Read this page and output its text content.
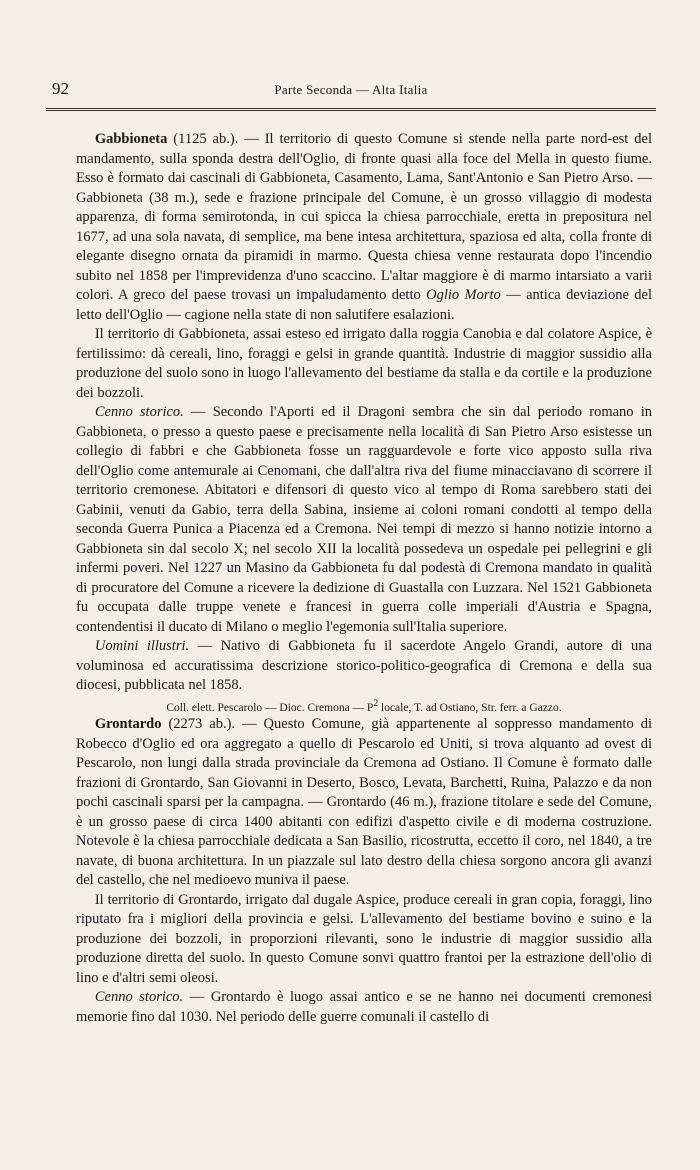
92	Parte Seconda — Alta Italia

Gabbioneta (1125 ab.). — Il territorio di questo Comune si stende nella parte nord-est del mandamento, sulla sponda destra dell'Oglio, di fronte quasi alla foce del Mella in questo fiume. Esso è formato dai cascinali di Gabbioneta, Casamento, Lama, Sant'Antonio e San Pietro Arso. — Gabbioneta (38 m.), sede e frazione principale del Comune, è un grosso villaggio di modesta apparenza, di forma semirotonda, in cui spicca la chiesa parrocchiale, eretta in prepositura nel 1677, ad una sola navata, di semplice, ma bene intesa architettura, spaziosa ed alta, colla fronte di elegante disegno ornata da piramidi in marmo. Questa chiesa venne restaurata dopo l'incendio subito nel 1858 per l'imprevidenza d'uno scaccino. L'altar maggiore è di marmo intarsiato a varii colori. A greco del paese trovasi un impaludamento detto Oglio Morto — antica deviazione del letto dell'Oglio — cagione nella state di non salutifere esalazioni.

Il territorio di Gabbioneta, assai esteso ed irrigato dalla roggia Canobia e dal colatore Aspice, è fertilissimo: dà cereali, lino, foraggi e gelsi in grande quantità. Industrie di maggior sussidio alla produzione del suolo sono in luogo l'allevamento del bestiame da stalla e da cortile e la produzione dei bozzoli.

Cenno storico. — Secondo l'Aporti ed il Dragoni sembra che sin dal periodo romano in Gabbioneta, o presso a questo paese e precisamente nella località di San Pietro Arso esistesse un collegio di fabbri e che Gabbioneta fosse un ragguardevole e forte vico apposto sulla riva dell'Oglio come antemurale ai Cenomani, che dall'altra riva del fiume minacciavano di scorrere il territorio cremonese. Abitatori e difensori di questo vico al tempo di Roma sarebbero stati dei Gabinii, venuti da Gabio, terra della Sabina, insieme ai coloni romani condotti al tempo della seconda Guerra Punica a Piacenza ed a Cremona. Nei tempi di mezzo si hanno notizie intorno a Gabbioneta sin dal secolo X; nel secolo XII la località possedeva un ospedale pei pellegrini e gli infermi poveri. Nel 1227 un Masino da Gabbioneta fu dal podestà di Cremona mandato in qualità di procuratore del Comune a ricevere la dedizione di Guastalla con Luzzara. Nel 1521 Gabbioneta fu occupata dalle truppe venete e francesi in guerra colle imperiali d'Austria e Spagna, contendentisi il ducato di Milano o meglio l'egemonia sull'Italia superiore.

Uomini illustri. — Nativo di Gabbioneta fu il sacerdote Angelo Grandi, autore di una voluminosa ed accuratissima descrizione storico-politico-geografica di Cremona e della sua diocesi, pubblicata nel 1858.

Coll. elett. Pescarolo — Dioc. Cremona — $P^2$ locale, T. ad Ostiano, Str. ferr. a Gazzo.

Grontardo (2273 ab.). — Questo Comune, già appartenente al soppresso mandamento di Robecco d'Oglio ed ora aggregato a quello di Pescarolo ed Uniti, si trova alquanto ad ovest di Pescarolo, non lungi dalla strada provinciale da Cremona ad Ostiano. Il Comune è formato dalle frazioni di Grontardo, San Giovanni in Deserto, Bosco, Levata, Barchetti, Ruina, Palazzo e da non pochi cascinali sparsi per la campagna. — Grontardo (46 m.), frazione titolare e sede del Comune, è un grosso paese di circa 1400 abitanti con edifizi d'aspetto civile e di moderna costruzione. Notevole è la chiesa parrocchiale dedicata a San Basilio, ricostrutta, eccetto il coro, nel 1840, a tre navate, di buona architettura. In un piazzale sul lato destro della chiesa sorgono ancora gli avanzi del castello, che nel medioevo muniva il paese.

Il territorio di Grontardo, irrigato dal dugale Aspice, produce cereali in gran copia, foraggi, lino riputato fra i migliori della provincia e gelsi. L'allevamento del bestiame bovino e suino e la produzione dei bozzoli, in proporzioni rilevanti, sono le industrie di maggior sussidio alla produzione diretta del suolo. In questo Comune sonvi quattro frantoi per la estrazione dell'olio di lino e d'altri semi oleosi.

Cenno storico. — Grontardo è luogo assai antico e se ne hanno nei documenti cremonesi memorie fino dal 1030. Nel periodo delle guerre comunali il castello di
